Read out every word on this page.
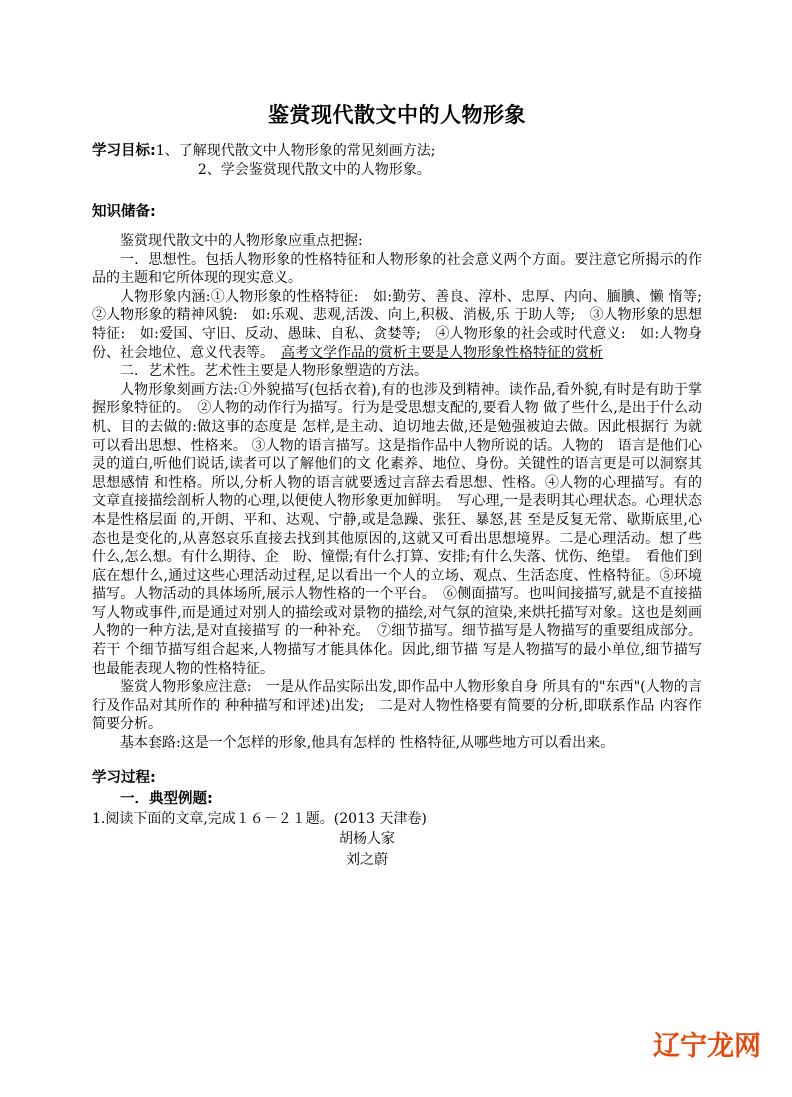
鉴赏现代散文中的人物形象
学习目标: 1、了解现代散文中人物形象的常见刻画方法;
2、学会鉴赏现代散文中的人物形象。
知识储备:

鉴赏现代散文中的人物形象应重点把握:

一．思想性。包括人物形象的性格特征和人物形象的社会意义两个方面。要注意它所揭示的作品的主题和它所体现的现实意义。

人物形象内涵:①人物形象的性格特征:　如:勤劳、善良、淳朴、忠厚、内向、腼腆、懒 惰等;　②人物形象的精神风貌:　如:乐观、悲观,活泼、向上,积极、消极,乐 于助人等;　③人物形象的思想特征:　如:爱国、守旧、反动、愚昧、自私、贪婪等;　④人物形象的社会或时代意义:　如:人物身份、社会地位、意义代表等。　高考文学作品的赏析主要是人物形象性格特征的赏析

二．艺术性。艺术性主要是人物形象塑造的方法。

人物形象刻画方法:①外貌描写(包括衣着),有的也涉及到精神。读作品,看外貌,有时是有助于掌握形象特征的。　②人物的动作行为描写。行为是受思想支配的,要看人物 做了些什么,是出于什么动机、目的去做的:做这事的态度是 怎样,是主动、迫切地去做,还是勉强被迫去做。因此根据行 为就可以看出思想、性格来。 ③人物的语言描写。这是指作品中人物所说的话。人物的　语言是他们心灵的道白,听他们说话,读者可以了解他们的文 化素养、地位、身份。关键性的语言更是可以洞察其思想感情 和性格。所以,分析人物的语言就要透过言辞去看思想、性格。④人物的心理描写。有的文章直接描绘剖析人物的心理,以便使人物形象更加鲜明。　写心理,一是表明其心理状态。心理状态本是性格层面 的,开朗、平和、达观、宁静,或是急躁、张狂、暴怒,甚 至是反复无常、歇斯底里,心态也是变化的,从喜怒哀乐直接去找到其他原因的,这就又可看出思想境界。二是心理活动。想了些什么,怎么想。有什么期待、企　盼、憧憬;有什么打算、安排;有什么失落、忧伤、绝望。　看他们到底在想什么,通过这些心理活动过程,足以看出一个人的立场、观点、生活态度、性格特征。⑤环境描写。人物活动的具体场所,展示人物性格的一个平台。　⑥侧面描写。也叫间接描写,就是不直接描写人物或事件,而是通过对别人的描绘或对景物的描绘,对气氛的渲染,来烘托描写对象。这也是刻画人物的一种方法,是对直接描写 的一种补充。　⑦细节描写。细节描写是人物描写的重要组成部分。若干 个细节描写组合起来,人物描写才能具体化。因此,细节描 写是人物描写的最小单位,细节描写也最能表现人物的性格特征。

鉴赏人物形象应注意:　一是从作品实际出发,即作品中人物形象自身 所具有的"东西"(人物的言行及作品对其所作的 种种描写和评述)出发;　二是对人物性格要有简要的分析,即联系作品 内容作简要分析。

基本套路:这是一个怎样的形象,他具有怎样的 性格特征,从哪些地方可以看出来。

学习过程:
一．典型例题:

1.阅读下面的文章,完成１６－２１题。(2013 天津卷)

胡杨人家

刘之蔚

辽宁龙网
